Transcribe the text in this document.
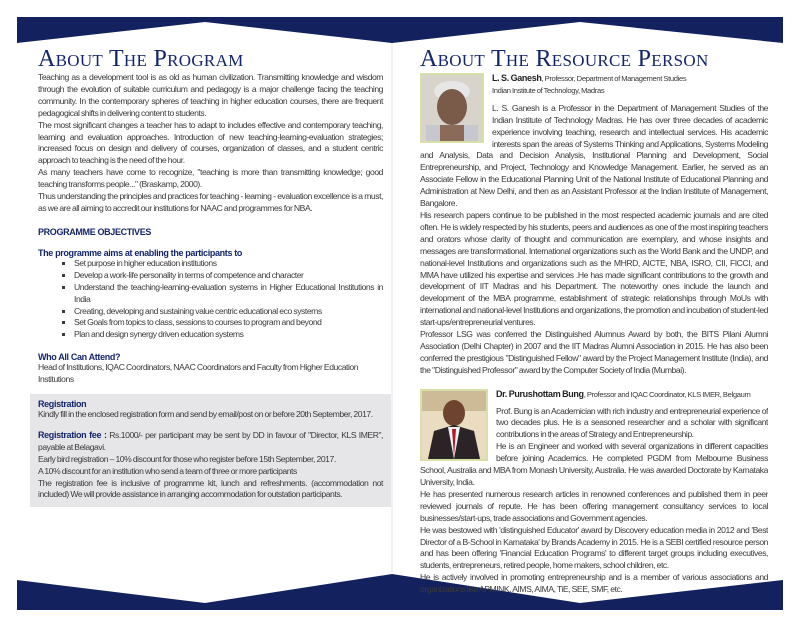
About The Program

Teaching as a development tool is as old as human civilization. Transmitting knowledge and wisdom through the evolution of suitable curriculum and pedagogy is a major challenge facing the teaching community. In the contemporary spheres of teaching in higher education courses, there are frequent pedagogical shifts in delivering content to students.

The most significant changes a teacher has to adapt to includes effective and contemporary teaching, learning and evaluation approaches. Introduction of new teaching-learning-evaluation strategies; increased focus on design and delivery of courses, organization of classes, and a student centric approach to teaching is the need of the hour.

As many teachers have come to recognize, "teaching is more than transmitting knowledge; good teaching transforms people..." (Braskamp, 2000).

Thus understanding the principles and practices for teaching - learning - evaluation excellence is a must, as we are all aiming to accredit our institutions for NAAC and programmes for NBA.

PROGRAMME OBJECTIVES

The programme aims at enabling the participants to

▪ Set purpose in higher education institutions
▪ Develop a work-life personality in terms of competence and character
▪ Understand the teaching-learning-evaluation systems in Higher Educational Institutions in India
▪ Creating, developing and sustaining value centric educational eco systems
▪ Set Goals from topics to class, sessions to courses to program and beyond
▪ Plan and design synergy driven education systems

Who All Can Attend?

Head of Institutions, IQAC Coordinators, NAAC Coordinators and Faculty from Higher Education Institutions

Registration

Kindly fill in the enclosed registration form and send by email/post on or before 20th September, 2017.

Registration fee : Rs.1000/- per participant may be sent by DD in favour of "Director, KLS IMER", payable at Belagavi.

Early bird registration – 10% discount for those who register before 15th September, 2017.

A 10% discount for an institution who send a team of three or more participants

The registration fee is inclusive of programme kit, lunch and refreshments. (accommodation not included) We will provide assistance in arranging accommodation for outstation participants.

About The Resource Person

L. S. Ganesh, Professor, Department of Management Studies

Indian Institute of Technology, Madras

L. S. Ganesh is a Professor in the Department of Management Studies of the Indian Institute of Technology Madras. He has over three decades of academic experience involving teaching, research and intellectual services. His academic interests span the areas of Systems Thinking and Applications, Systems Modeling and Analysis, Data and Decision Analysis, Institutional Planning and Development, Social Entrepreneurship, and Project, Technology and Knowledge Management. Earlier, he served as an Associate Fellow in the Educational Planning Unit of the National Institute of Educational Planning and Administration at New Delhi, and then as an Assistant Professor at the Indian Institute of Management, Bangalore.

His research papers continue to be published in the most respected academic journals and are cited often. He is widely respected by his students, peers and audiences as one of the most inspiring teachers and orators whose clarity of thought and communication are exemplary, and whose insights and messages are transformational. International organizations such as the World Bank and the UNDP, and national-level Institutions and organizations such as the MHRD, AICTE, NBA, ISRO, CII, FICCI, and MMA have utilized his expertise and services .He has made significant contributions to the growth and development of IIT Madras and his Department. The noteworthy ones include the launch and development of the MBA programme, establishment of strategic relationships through MoUs with international and national-level Institutions and organizations, the promotion and incubation of student-led start-ups/entrepreneurial ventures.

Professor LSG was conferred the Distinguished Alumnus Award by both, the BITS Pilani Alumni Association (Delhi Chapter) in 2007 and the IIT Madras Alumni Association in 2015. He has also been conferred the prestigious "Distinguished Fellow" award by the Project Management Institute (India), and the "Distinguished Professor" award by the Computer Society of India (Mumbai).

Dr. Purushottam Bung, Professor and IQAC Coordinator, KLS IMER, Belgaum

Prof. Bung is an Academician with rich industry and entrepreneurial experience of two decades plus. He is a seasoned researcher and a scholar with significant contributions in the areas of Strategy and Entrepreneurship.

He is an Engineer and worked with several organizations in different capacities before joining Academics. He completed PGDM from Melbourne Business School, Australia and MBA from Monash University, Australia. He was awarded Doctorate by Karnataka University, India.

He has presented numerous research articles in renowned conferences and published them in peer reviewed journals of repute. He has been offering management consultancy services to local businesses/start-ups, trade associations and Government agencies.

He was bestowed with 'distinguished Educator' award by Discovery education media in 2012 and 'Best Director of a B-School in Karnataka' by Brands Academy in 2015. He is a SEBI certified resource person and has been offering 'Financial Education Programs' to different target groups including executives, students, entrepreneurs, retired people, home makers, school children, etc.

He is actively involved in promoting entrepreneurship and is a member of various associations and organizations like APMINK, AIMS, AIMA, TiE, SEE, SMF, etc.
